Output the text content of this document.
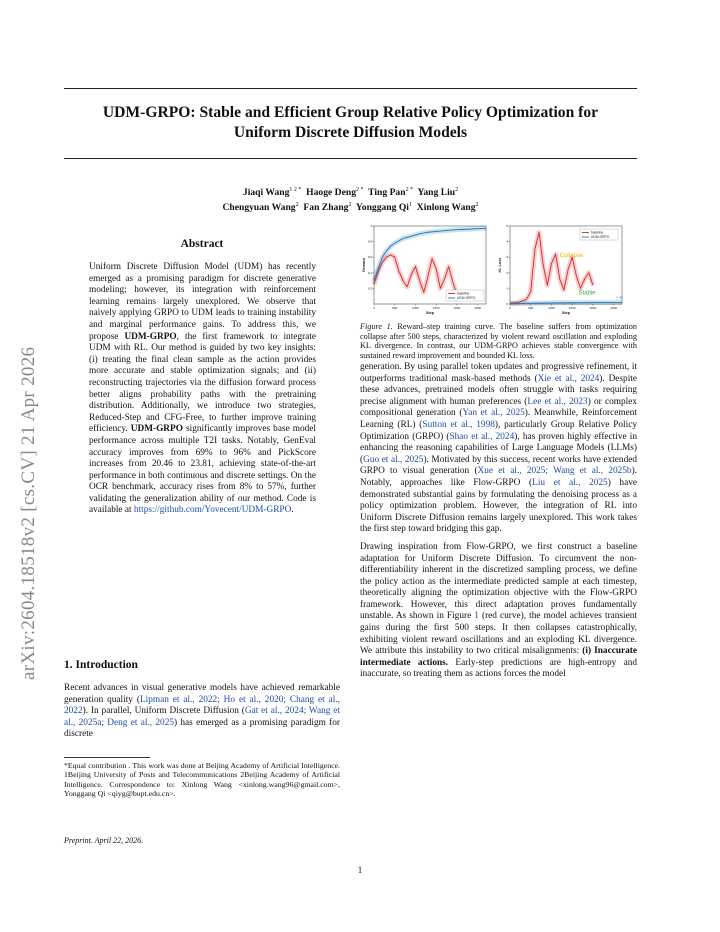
arXiv:2604.18518v2 [cs.CV] 21 Apr 2026
UDM-GRPO: Stable and Efficient Group Relative Policy Optimization for
Uniform Discrete Diffusion Models
Jiaqi Wang$^{1 2 *}$ Haoge Deng$^{2 *}$ Ting Pan$^{2 *}$ Yang Liu$^2$
Chengyuan Wang$^2$ Fan Zhang$^2$ Yonggang Qi$^1$ Xinlong Wang$^2$
Abstract
Uniform Discrete Diffusion Model (UDM) has recently emerged as a promising paradigm for discrete generative modeling; however, its integration with reinforcement learning remains largely unexplored. We observe that naively applying GRPO to UDM leads to training instability and marginal performance gains. To address this, we propose UDM-GRPO, the first framework to integrate UDM with RL. Our method is guided by two key insights: (i) treating the final clean sample as the action provides more accurate and stable optimization signals; and (ii) reconstructing trajectories via the diffusion forward process better aligns probability paths with the pretraining distribution. Additionally, we introduce two strategies, Reduced-Step and CFG-Free, to further improve training efficiency. UDM-GRPO significantly improves base model performance across multiple T2I tasks. Notably, GenEval accuracy improves from 69% to 96% and PickScore increases from 20.46 to 23.81, achieving state-of-the-art performance in both continuous and discrete settings. On the OCR benchmark, accuracy rises from 8% to 57%, further validating the generalization ability of our method. Code is available at https://github.com/Yovecent/UDM-GRPO.
1. Introduction
Recent advances in visual generative models have achieved remarkable generation quality (Lipman et al., 2022; Ho et al., 2020; Chang et al., 2022). In parallel, Uniform Discrete Diffusion (Gat et al., 2024; Wang et al., 2025a; Deng et al., 2025) has emerged as a promising paradigm for discrete
*Equal contribution . This work was done at Beijing Academy of Artificial Intelligence. 1Beijing University of Posts and Telecommunications 2Beijing Academy of Artificial Intelligence. Correspondence to: Xinlong Wang <xinlong.wang96@gmail.com>, Yonggang Qi <qiyg@bupt.edu.cn>.
Preprint. April 22, 2026.
1
0	500	1000	1500	2000	2500
0.2
0.4
0.6
0.8
1
Step
Reward
baseline
UDM-GRPO
0	500	1000	1500	2000	2500
0
1
2
3
4
5
Step
KL Loss
baseline
UDM-GRPO
Collapse
Stable
0.102
Figure 1. Reward–step training curve. The baseline suffers from optimization collapse after 500 steps, characterized by violent reward oscillation and exploding KL divergence. In contrast, our UDM-GRPO achieves stable convergence with sustained reward improvement and bounded KL loss.

generation. By using parallel token updates and progressive refinement, it outperforms traditional mask-based methods (Xie et al., 2024). Despite these advances, pretrained models often struggle with tasks requiring precise alignment with human preferences (Lee et al., 2023) or complex compositional generation (Yan et al., 2025). Meanwhile, Reinforcement Learning (RL) (Sutton et al., 1998), particularly Group Relative Policy Optimization (GRPO) (Shao et al., 2024), has proven highly effective in enhancing the reasoning capabilities of Large Language Models (LLMs) (Guo et al., 2025). Motivated by this success, recent works have extended GRPO to visual generation (Xue et al., 2025; Wang et al., 2025b). Notably, approaches like Flow-GRPO (Liu et al., 2025) have demonstrated substantial gains by formulating the denoising process as a policy optimization problem. However, the integration of RL into Uniform Discrete Diffusion remains largely unexplored. This work takes the first step toward bridging this gap.

Drawing inspiration from Flow-GRPO, we first construct a baseline adaptation for Uniform Discrete Diffusion. To circumvent the non-differentiability inherent in the discretized sampling process, we define the policy action as the intermediate predicted sample at each timestep, theoretically aligning the optimization objective with the Flow-GRPO framework. However, this direct adaptation proves fundamentally unstable. As shown in Figure 1 (red curve), the model achieves transient gains during the first 500 steps. It then collapses catastrophically, exhibiting violent reward oscillations and an exploding KL divergence. We attribute this instability to two critical misalignments: (i) Inaccurate intermediate actions. Early-step predictions are high-entropy and inaccurate, so treating them as actions forces the model
